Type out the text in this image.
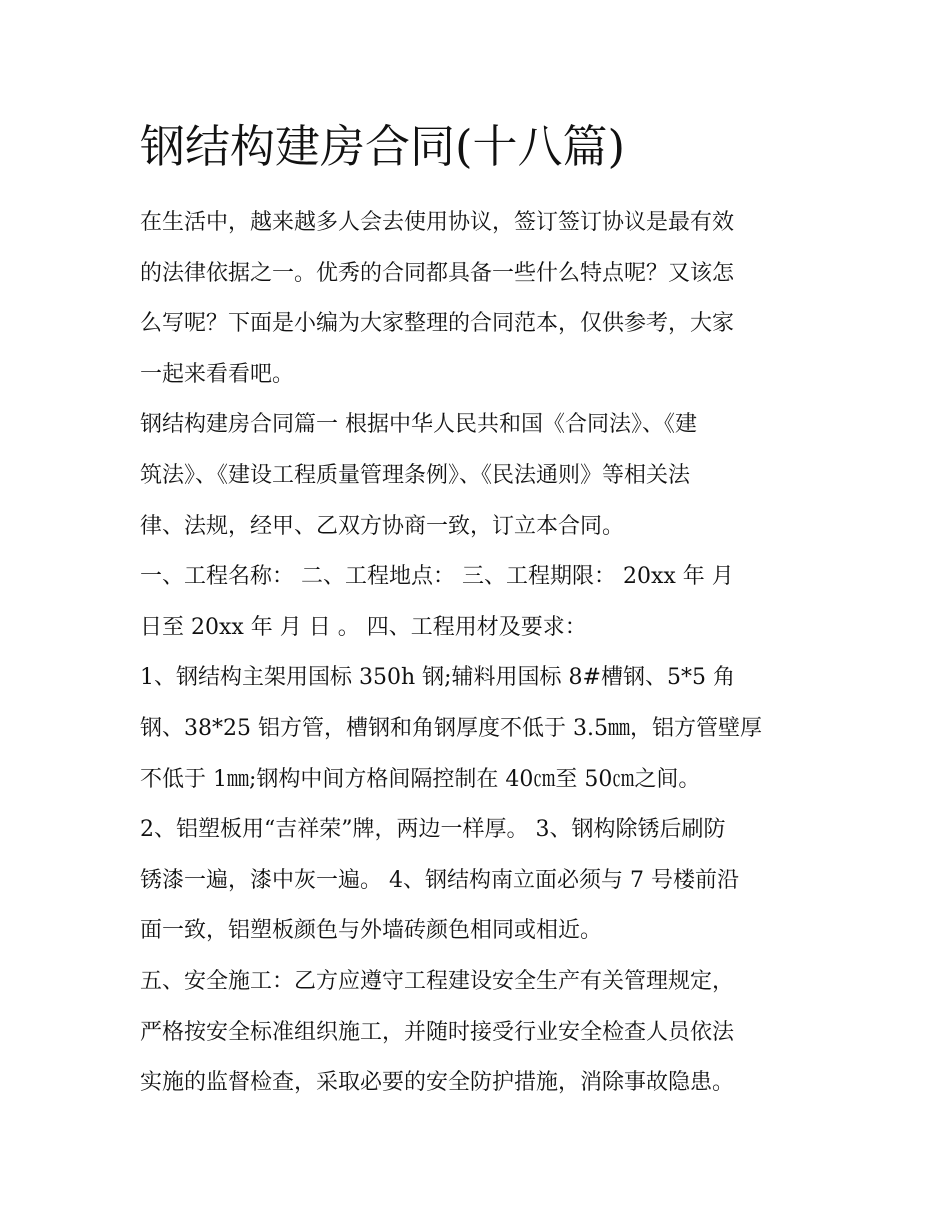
钢结构建房合同(十八篇)

在生活中，越来越多人会去使用协议，签订签订协议是最有效
的法律依据之一。优秀的合同都具备一些什么特点呢？又该怎
么写呢？下面是小编为大家整理的合同范本，仅供参考，大家
一起来看看吧。

钢结构建房合同篇一 根据中华人民共和国《合同法》、《建
筑法》、《建设工程质量管理条例》、《民法通则》等相关法
律、法规，经甲、乙双方协商一致，订立本合同。

一、工程名称： 二、工程地点： 三、工程期限： 20xx 年 月
日至 20xx 年 月 日 。 四、工程用材及要求：

1、钢结构主架用国标 350h 钢;辅料用国标 8#槽钢、5*5 角
钢、38*25 铝方管，槽钢和角钢厚度不低于 3.5㎜，铝方管壁厚
不低于 1㎜;钢构中间方格间隔控制在 40㎝至 50㎝之间。

2、铝塑板用“吉祥荣”牌，两边一样厚。 3、钢构除锈后刷防
锈漆一遍，漆中灰一遍。 4、钢结构南立面必须与 7 号楼前沿
面一致，铝塑板颜色与外墙砖颜色相同或相近。

五、安全施工：乙方应遵守工程建设安全生产有关管理规定，
严格按安全标准组织施工，并随时接受行业安全检查人员依法
实施的监督检查，采取必要的安全防护措施，消除事故隐患。
